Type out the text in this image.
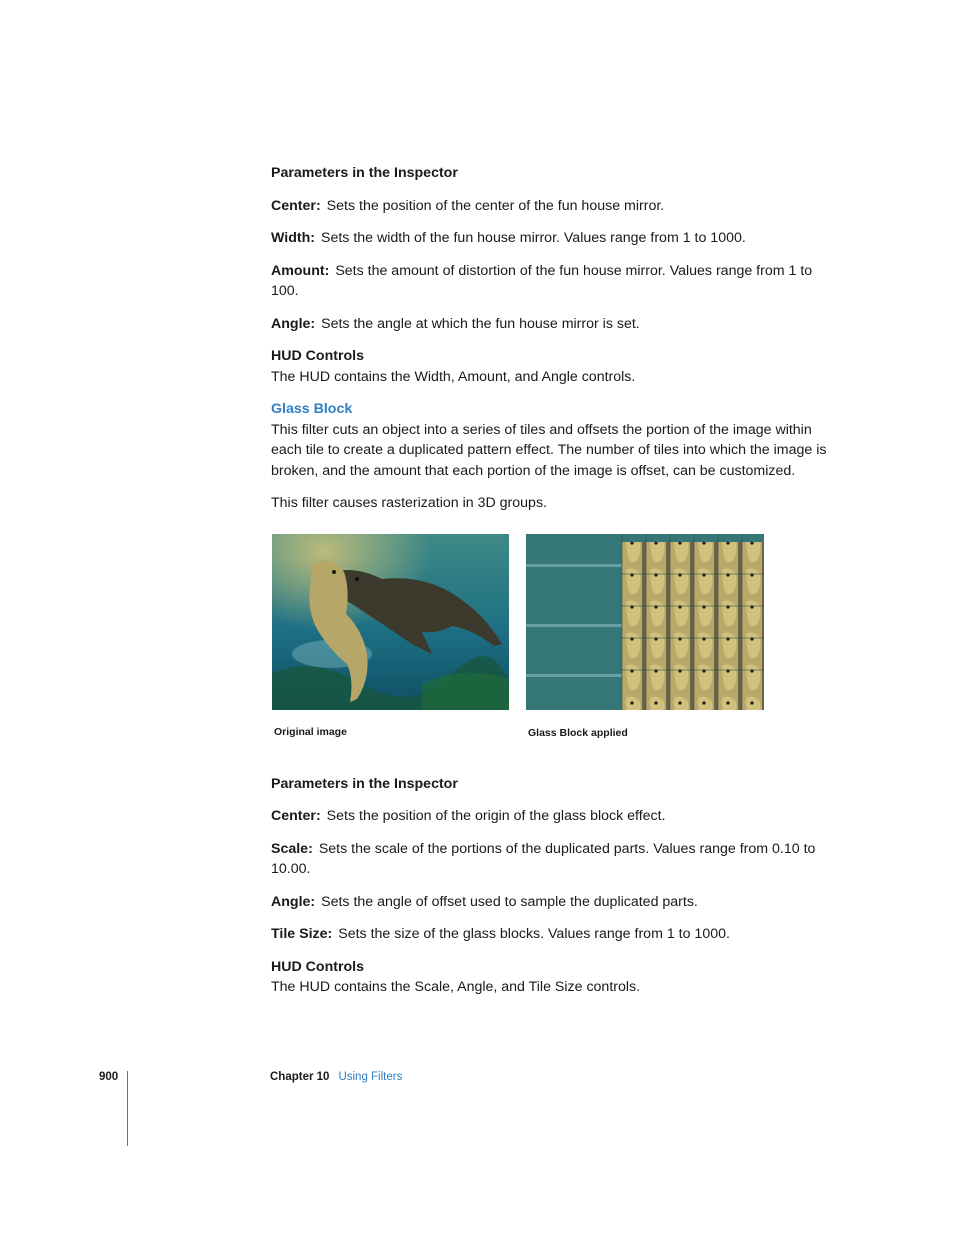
Parameters in the Inspector

Center: Sets the position of the center of the fun house mirror.

Width: Sets the width of the fun house mirror. Values range from 1 to 1000.

Amount: Sets the amount of distortion of the fun house mirror. Values range from 1 to 100.

Angle: Sets the angle at which the fun house mirror is set.

HUD Controls

The HUD contains the Width, Amount, and Angle controls.

Glass Block

This filter cuts an object into a series of tiles and offsets the portion of the image within each tile to create a duplicated pattern effect. The number of tiles into which the image is broken, and the amount that each portion of the image is offset, can be customized.

This filter causes rasterization in 3D groups.

Original image	Glass Block applied

Parameters in the Inspector

Center: Sets the position of the origin of the glass block effect.

Scale: Sets the scale of the portions of the duplicated parts. Values range from 0.10 to 10.00.

Angle: Sets the angle of offset used to sample the duplicated parts.

Tile Size: Sets the size of the glass blocks. Values range from 1 to 1000.

HUD Controls

The HUD contains the Scale, Angle, and Tile Size controls.

900	Chapter 10 Using Filters
